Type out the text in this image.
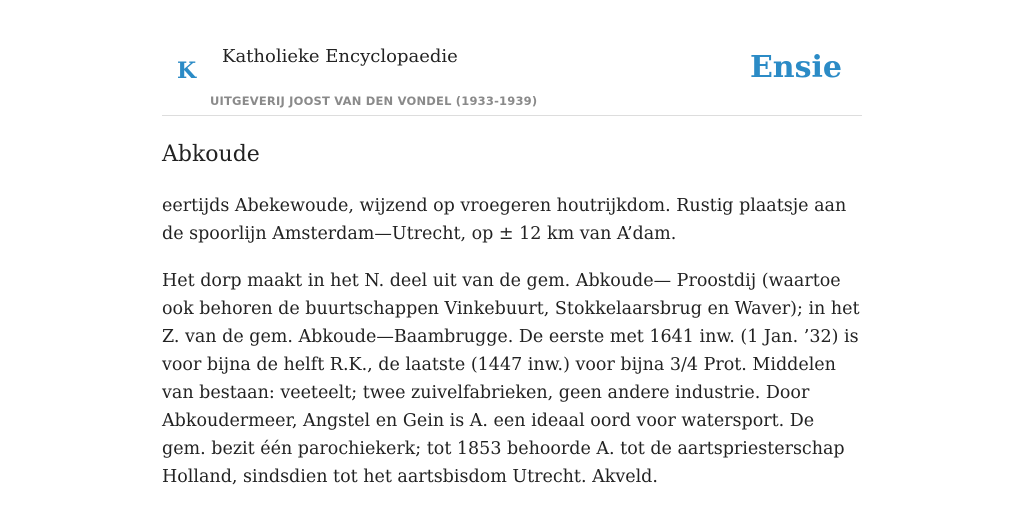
K
Katholieke Encyclopaedie
UITGEVERIJ JOOST VAN DEN VONDEL (1933-1939)
Ensie
Abkoude

eertijds Abekewoude, wijzend op vroegeren houtrijkdom. Rustig plaatsje aan de spoorlijn Amsterdam—Utrecht, op ± 12 km van A’dam.

Het dorp maakt in het N. deel uit van de gem. Abkoude— Proostdij (waartoe ook behoren de buurtschappen Vinkebuurt, Stokkelaarsbrug en Waver); in het Z. van de gem. Abkoude—Baambrugge. De eerste met 1641 inw. (1 Jan. ’32) is voor bijna de helft R.K., de laatste (1447 inw.) voor bijna 3/4 Prot. Middelen van bestaan: veeteelt; twee zuivelfabrieken, geen andere industrie. Door Abkoudermeer, Angstel en Gein is A. een ideaal oord voor watersport. De gem. bezit één parochiekerk; tot 1853 behoorde A. tot de aartspriesterschap Holland, sindsdien tot het aartsbisdom Utrecht. Akveld.
